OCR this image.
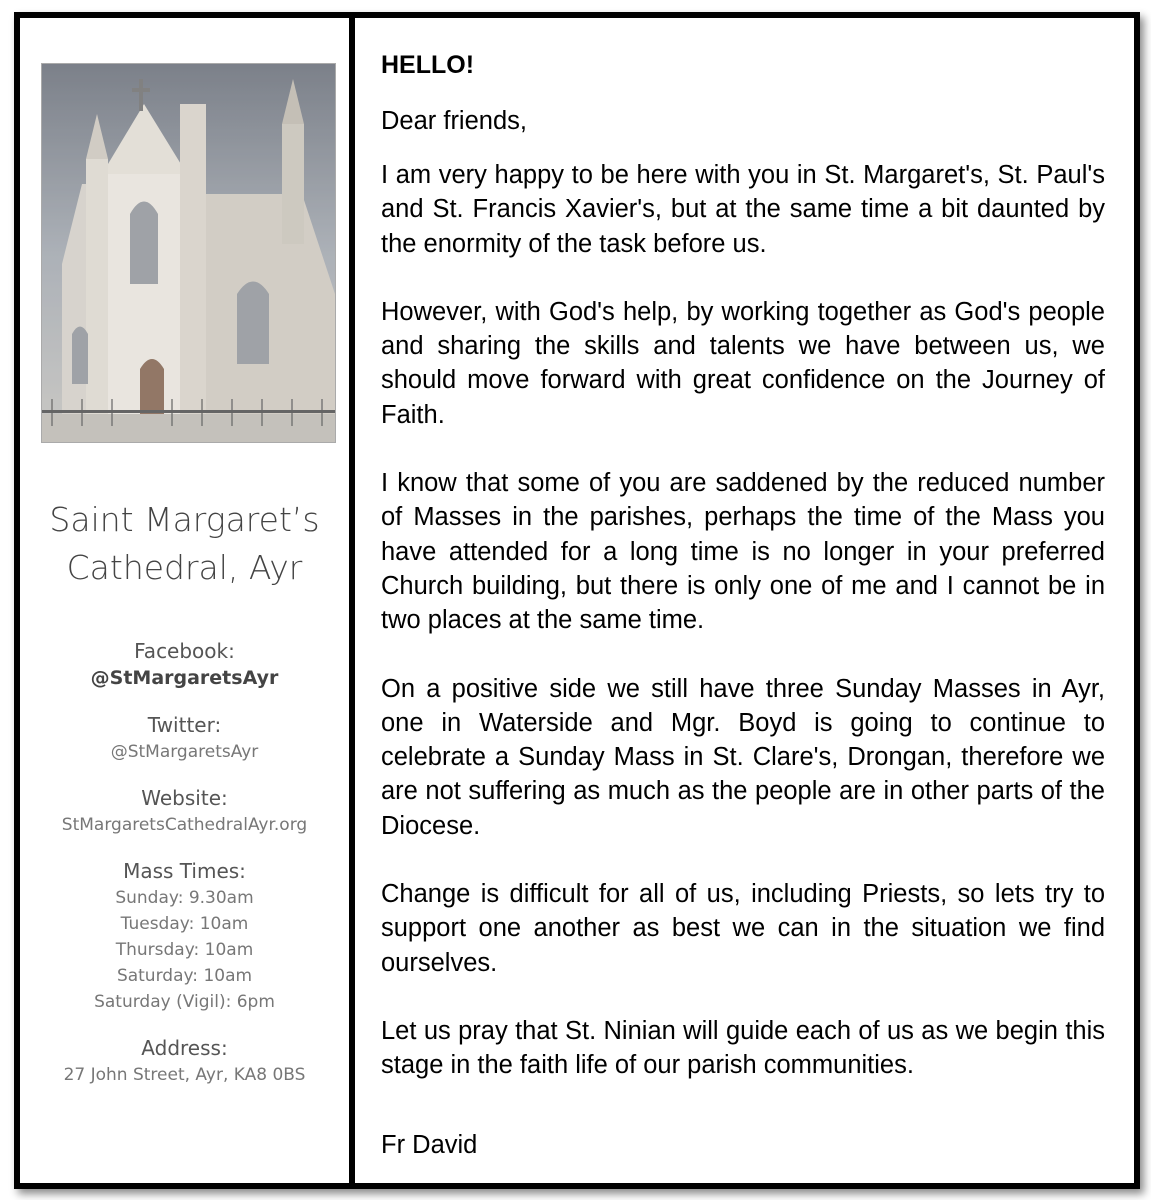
Saint Margaret’s
Cathedral, Ayr
Facebook:
@StMargaretsAyr
Twitter:
@StMargaretsAyr
Website:
StMargaretsCathedralAyr.org
Mass Times:
Sunday: 9.30am
Tuesday: 10am
Thursday: 10am
Saturday: 10am
Saturday (Vigil): 6pm
Address:
27 John Street, Ayr, KA8 0BS
HELLO!
Dear friends,

I am very happy to be here with you in St. Margaret's, St. Paul's and St. Francis Xavier's, but at the same time a bit daunted by the enormity of the task before us.

However, with God's help, by working together as God's people and sharing the skills and talents we have between us, we should move forward with great confidence on the Journey of Faith.

I know that some of you are saddened by the reduced number of Masses in the parishes, perhaps the time of the Mass you have attended for a long time is no longer in your preferred Church building, but there is only one of me and I cannot be in two places at the same time.

On a positive side we still have three Sunday Masses in Ayr, one in Waterside and Mgr. Boyd is going to continue to celebrate a Sunday Mass in St. Clare's, Drongan, therefore we are not suffering as much as the people are in other parts of the Diocese.

Change is difficult for all of us, including Priests, so lets try to support one another as best we can in the situation we find ourselves.

Let us pray that St. Ninian will guide each of us as we begin this stage in the faith life of our parish communities.

Fr David
